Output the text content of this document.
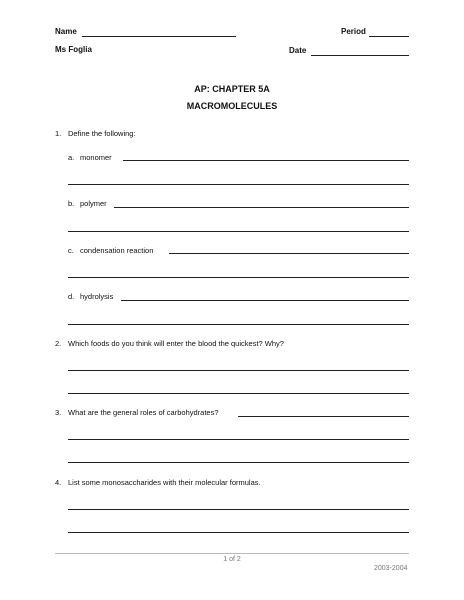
Name	Period
Ms Foglia	Date
AP: CHAPTER 5A
MACROMOLECULES
1. Define the following:
a. monomer
b. polymer
c. condensation reaction
d. hydrolysis
2. Which foods do you think will enter the blood the quickest? Why?
3. What are the general roles of carbohydrates?
4. List some monosaccharides with their molecular formulas.
1 of 2
2003-2004
